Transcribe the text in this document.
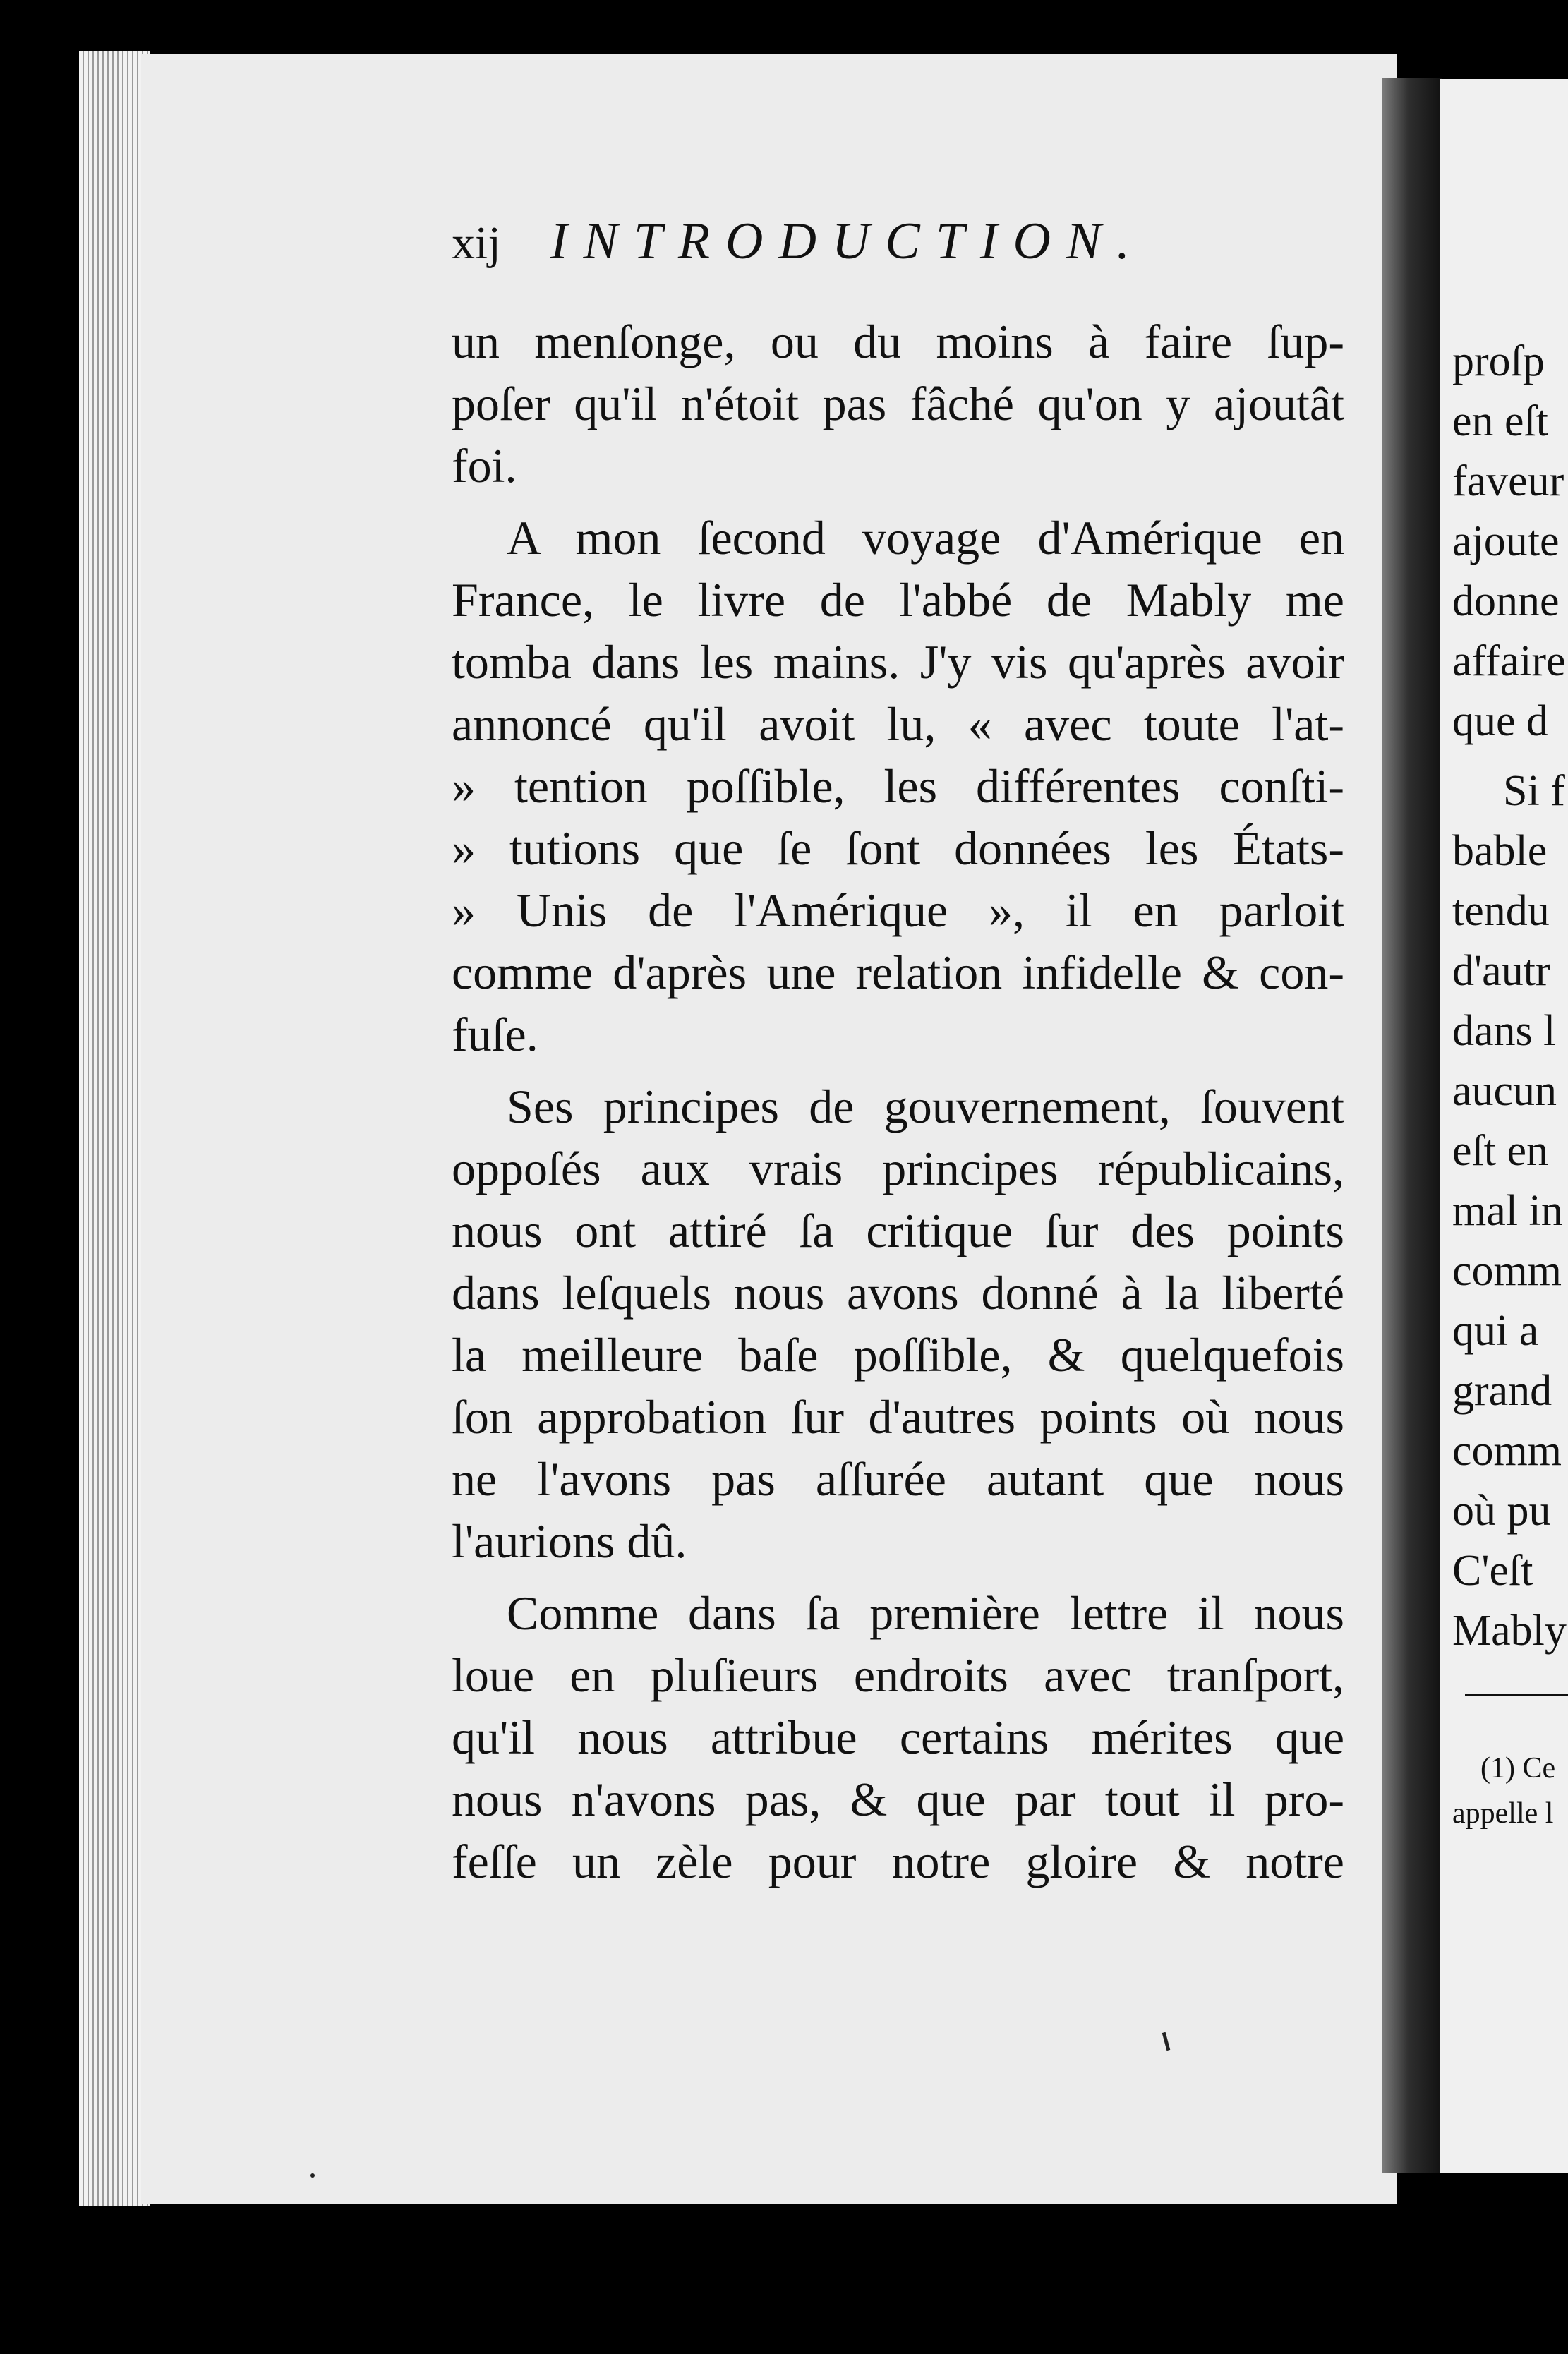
xij INTRODUCTION.
un menſonge, ou du moins à faire ſup-
poſer qu'il n'étoit pas fâché qu'on y ajoutât
foi.
A mon ſecond voyage d'Amérique en
France, le livre de l'abbé de Mably me
tomba dans les mains. J'y vis qu'après avoir
annoncé qu'il avoit lu, « avec toute l'at-
» tention poſſible, les différentes conſti-
» tutions que ſe ſont données les États-
» Unis de l'Amérique », il en parloit
comme d'après une relation infidelle & con-
fuſe.
Ses principes de gouvernement, ſouvent
oppoſés aux vrais principes républicains,
nous ont attiré ſa critique ſur des points
dans leſquels nous avons donné à la liberté
la meilleure baſe poſſible, & quelquefois
ſon approbation ſur d'autres points où nous
ne l'avons pas aſſurée autant que nous
l'aurions dû.
Comme dans ſa première lettre il nous
loue en pluſieurs endroits avec tranſport,
qu'il nous attribue certains mérites que
nous n'avons pas, & que par tout il pro-
feſſe un zèle pour notre gloire & notre
proſp
en eſt
faveur
ajoute
donne
affaire
que d
Si f
bable
tendu
d'autr
dans l
aucun
eſt en
mal in
comm
qui a
grand
comm
où pu
C'eſt
Mably
(1) Ce
appelle l
